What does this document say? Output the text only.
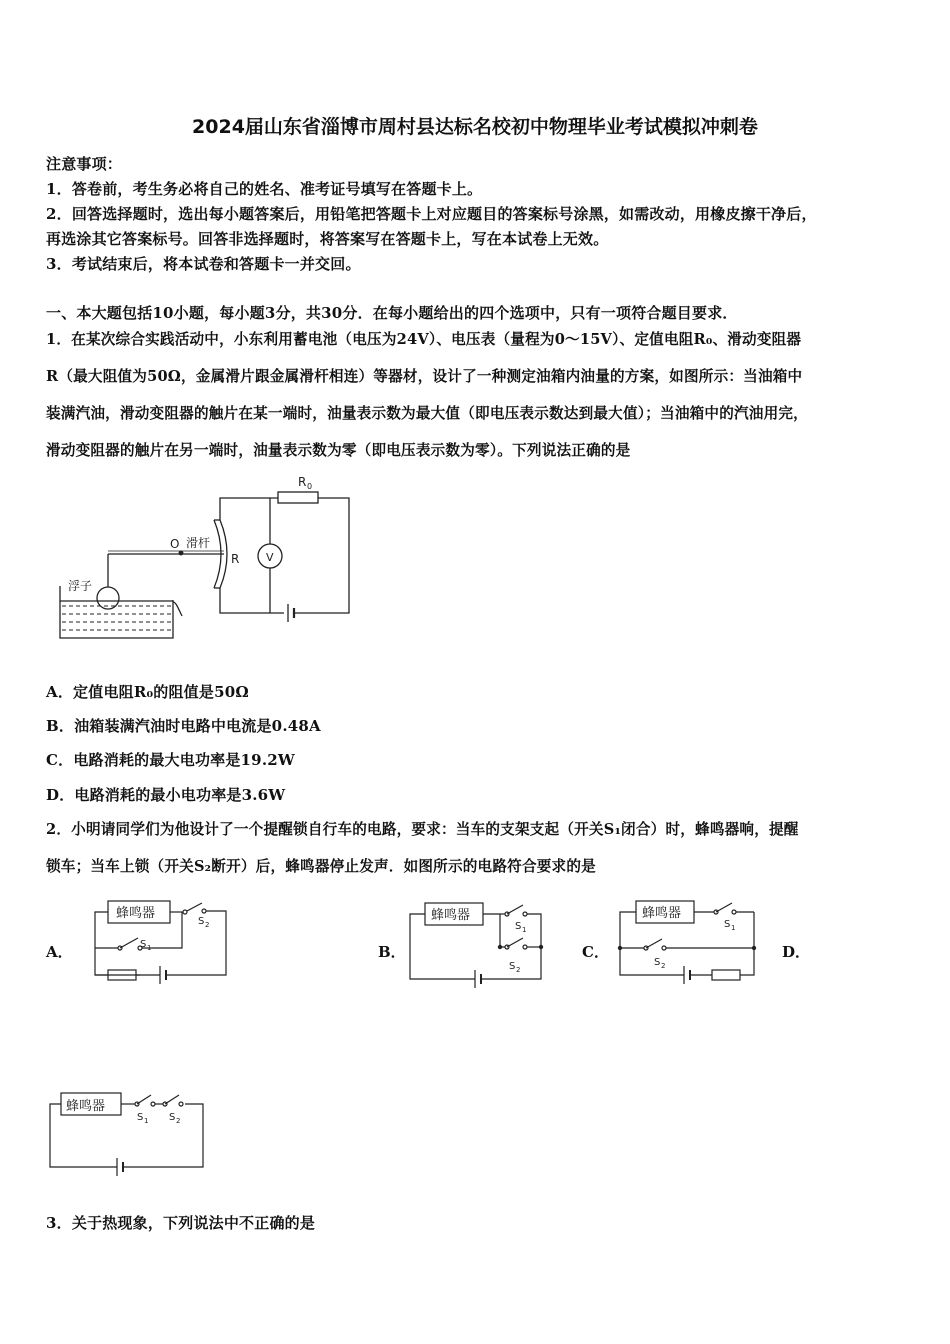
2024届山东省淄博市周村县达标名校初中物理毕业考试模拟冲刺卷
注意事项：
1．答卷前，考生务必将自己的姓名、准考证号填写在答题卡上。
2．回答选择题时，选出每小题答案后，用铅笔把答题卡上对应题目的答案标号涂黑，如需改动，用橡皮擦干净后，
再选涂其它答案标号。回答非选择题时，将答案写在答题卡上，写在本试卷上无效。
3．考试结束后，将本试卷和答题卡一并交回。
一、本大题包括10小题，每小题3分，共30分．在每小题给出的四个选项中，只有一项符合题目要求．
1．在某次综合实践活动中，小东利用蓄电池（电压为24V）、电压表（量程为0～15V）、定值电阻R₀、滑动变阻器
R（最大阻值为50Ω，金属滑片跟金属滑杆相连）等器材，设计了一种测定油箱内油量的方案，如图所示：当油箱中
装满汽油，滑动变阻器的触片在某一端时，油量表示数为最大值（即电压表示数达到最大值）；当油箱中的汽油用完，
滑动变阻器的触片在另一端时，油量表示数为零（即电压表示数为零）。下列说法正确的是
R 0
O 滑杆
R V
浮子
A．定值电阻R₀的阻值是50Ω
B．油箱装满汽油时电路中电流是0.48A
C．电路消耗的最大电功率是19.2W
D．电路消耗的最小电功率是3.6W
2．小明请同学们为他设计了一个提醒锁自行车的电路，要求：当车的支架支起（开关S₁闭合）时，蜂鸣器响，提醒
锁车；当车上锁（开关S₂断开）后，蜂鸣器停止发声．如图所示的电路符合要求的是
A．	B．	C．	D．
蜂鸣器
S 2
S 1
蜂鸣器
S 1
S 2
蜂鸣器
S 1
S 2
蜂鸣器
S 1 S 2
3．关于热现象，下列说法中不正确的是
